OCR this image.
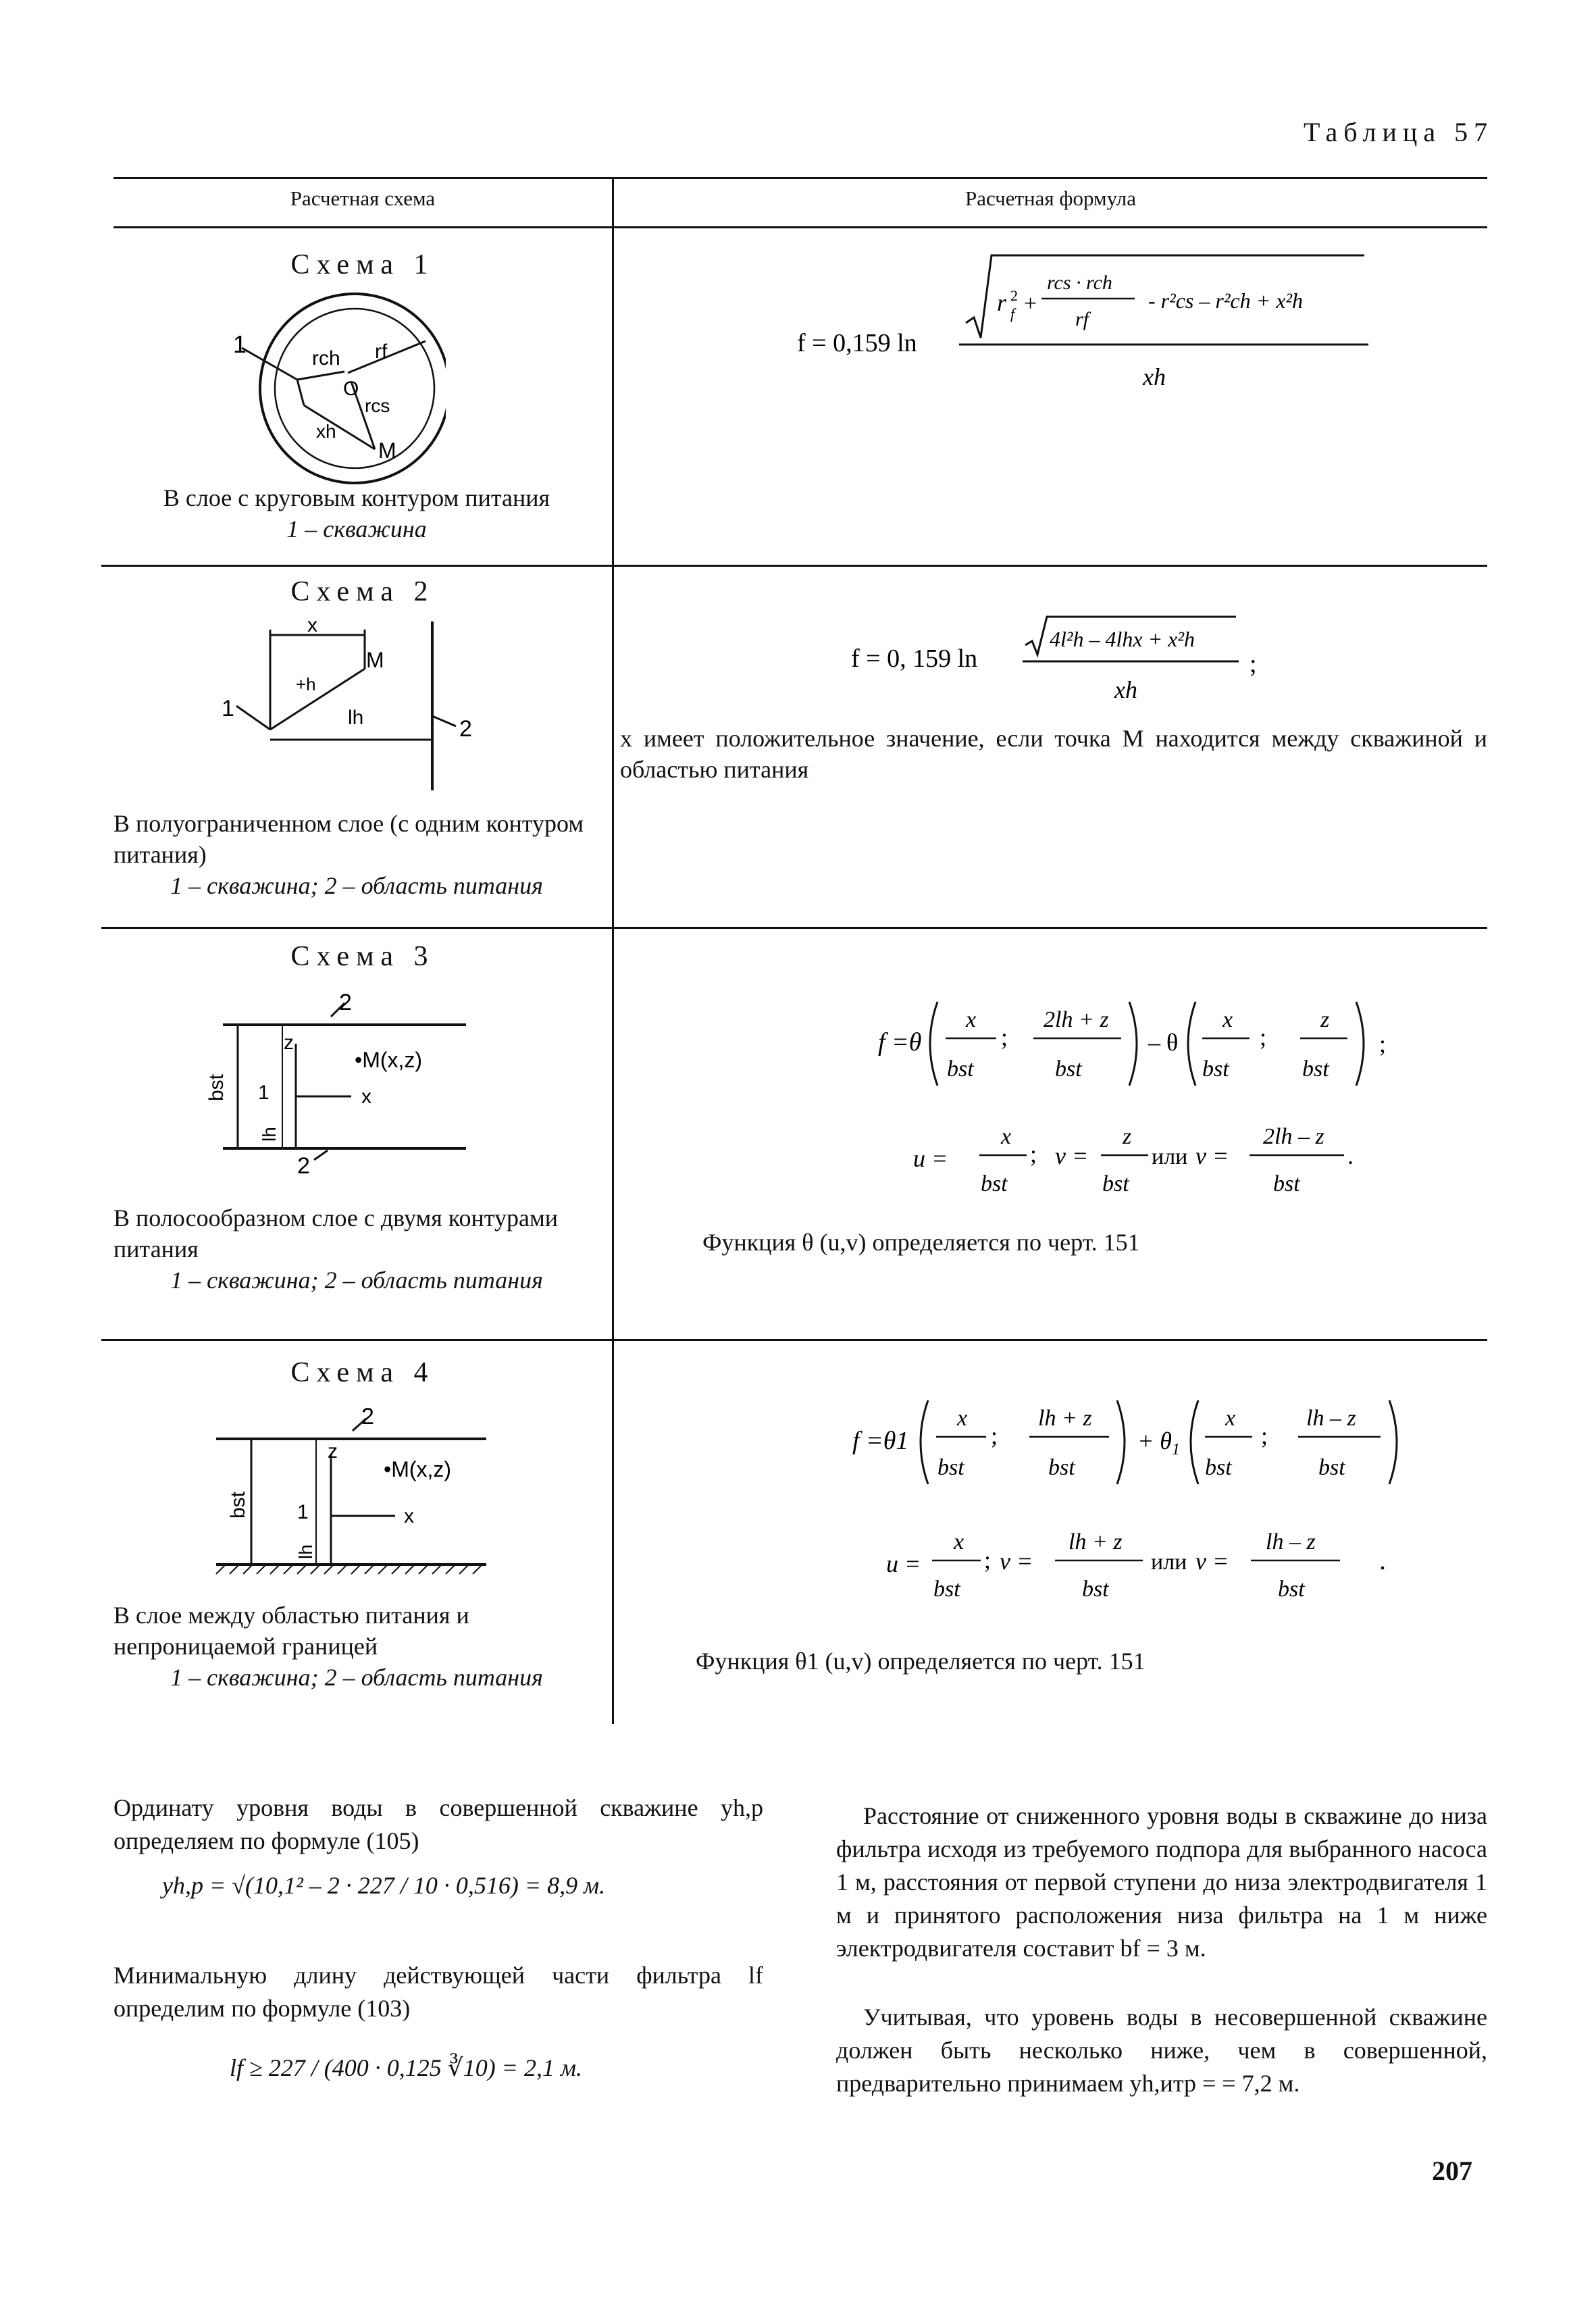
Таблица 57
Расчетная схема	Расчетная формула
Схема 1
1
rch rf
O
rcs
xh
M
В слое с круговым контуром питания
1 – скважина
f = 0,159 ln
r 2
f +
rcs · rch
rf
- r²cs – r²ch + x²h
xh
Схема 2
x
M
+h
lh
1
2
В полуограниченном слое (с одним контуром питания)
1 – скважина; 2 – область питания
f = 0, 159 ln
4l²h – 4lhx + x²h
xh
;
x имеет положительное значение, если точка M находится между скважиной и областью питания
Схема 3
2
z
•M(x,z)
1	x
bst
lh
2
В полосообразном слое с двумя контурами питания
1 – скважина; 2 – область питания
f =θ
x
bst
;
2lh + z
bst
– θ
x
bst
;
z
bst
;
u =
x
bst
; v =
z
bst
или v =
2lh – z
bst
.
Функция θ (u,v) определяется по черт. 151
Схема 4
2
z
•M(x,z)
1	x
bst
lh
В слое между областью питания и непроницаемой границей
1 – скважина; 2 – область питания
f =θ1
x
bst
;
lh + z
bst
+ $\theta_1$
x
bst
;
lh – z
bst
u =
x
bst
; v =
lh + z
bst
или v =
lh – z
bst
.
Функция θ1 (u,v) определяется по черт. 151
Ординату уровня воды в совершенной скважине yh,p определяем по формуле (105)
yh,p = √(10,1² – 2 · 227 / 10 · 0,516) = 8,9 м.
Минимальную длину действующей части фильтра lf определим по формуле (103)
lf ≥ 227 / (400 · 0,125 ∛10) = 2,1 м.
Расстояние от сниженного уровня воды в скважине до низа фильтра исходя из требуемого подпора для выбранного насоса 1 м, расстояния от первой ступени до низа электродвигателя 1 м и принятого расположения низа фильтра на 1 м ниже электродвигателя составит bf = 3 м.
Учитывая, что уровень воды в несовершенной скважине должен быть несколько ниже, чем в совершенной, предварительно принимаем yh,итр = = 7,2 м.
207
